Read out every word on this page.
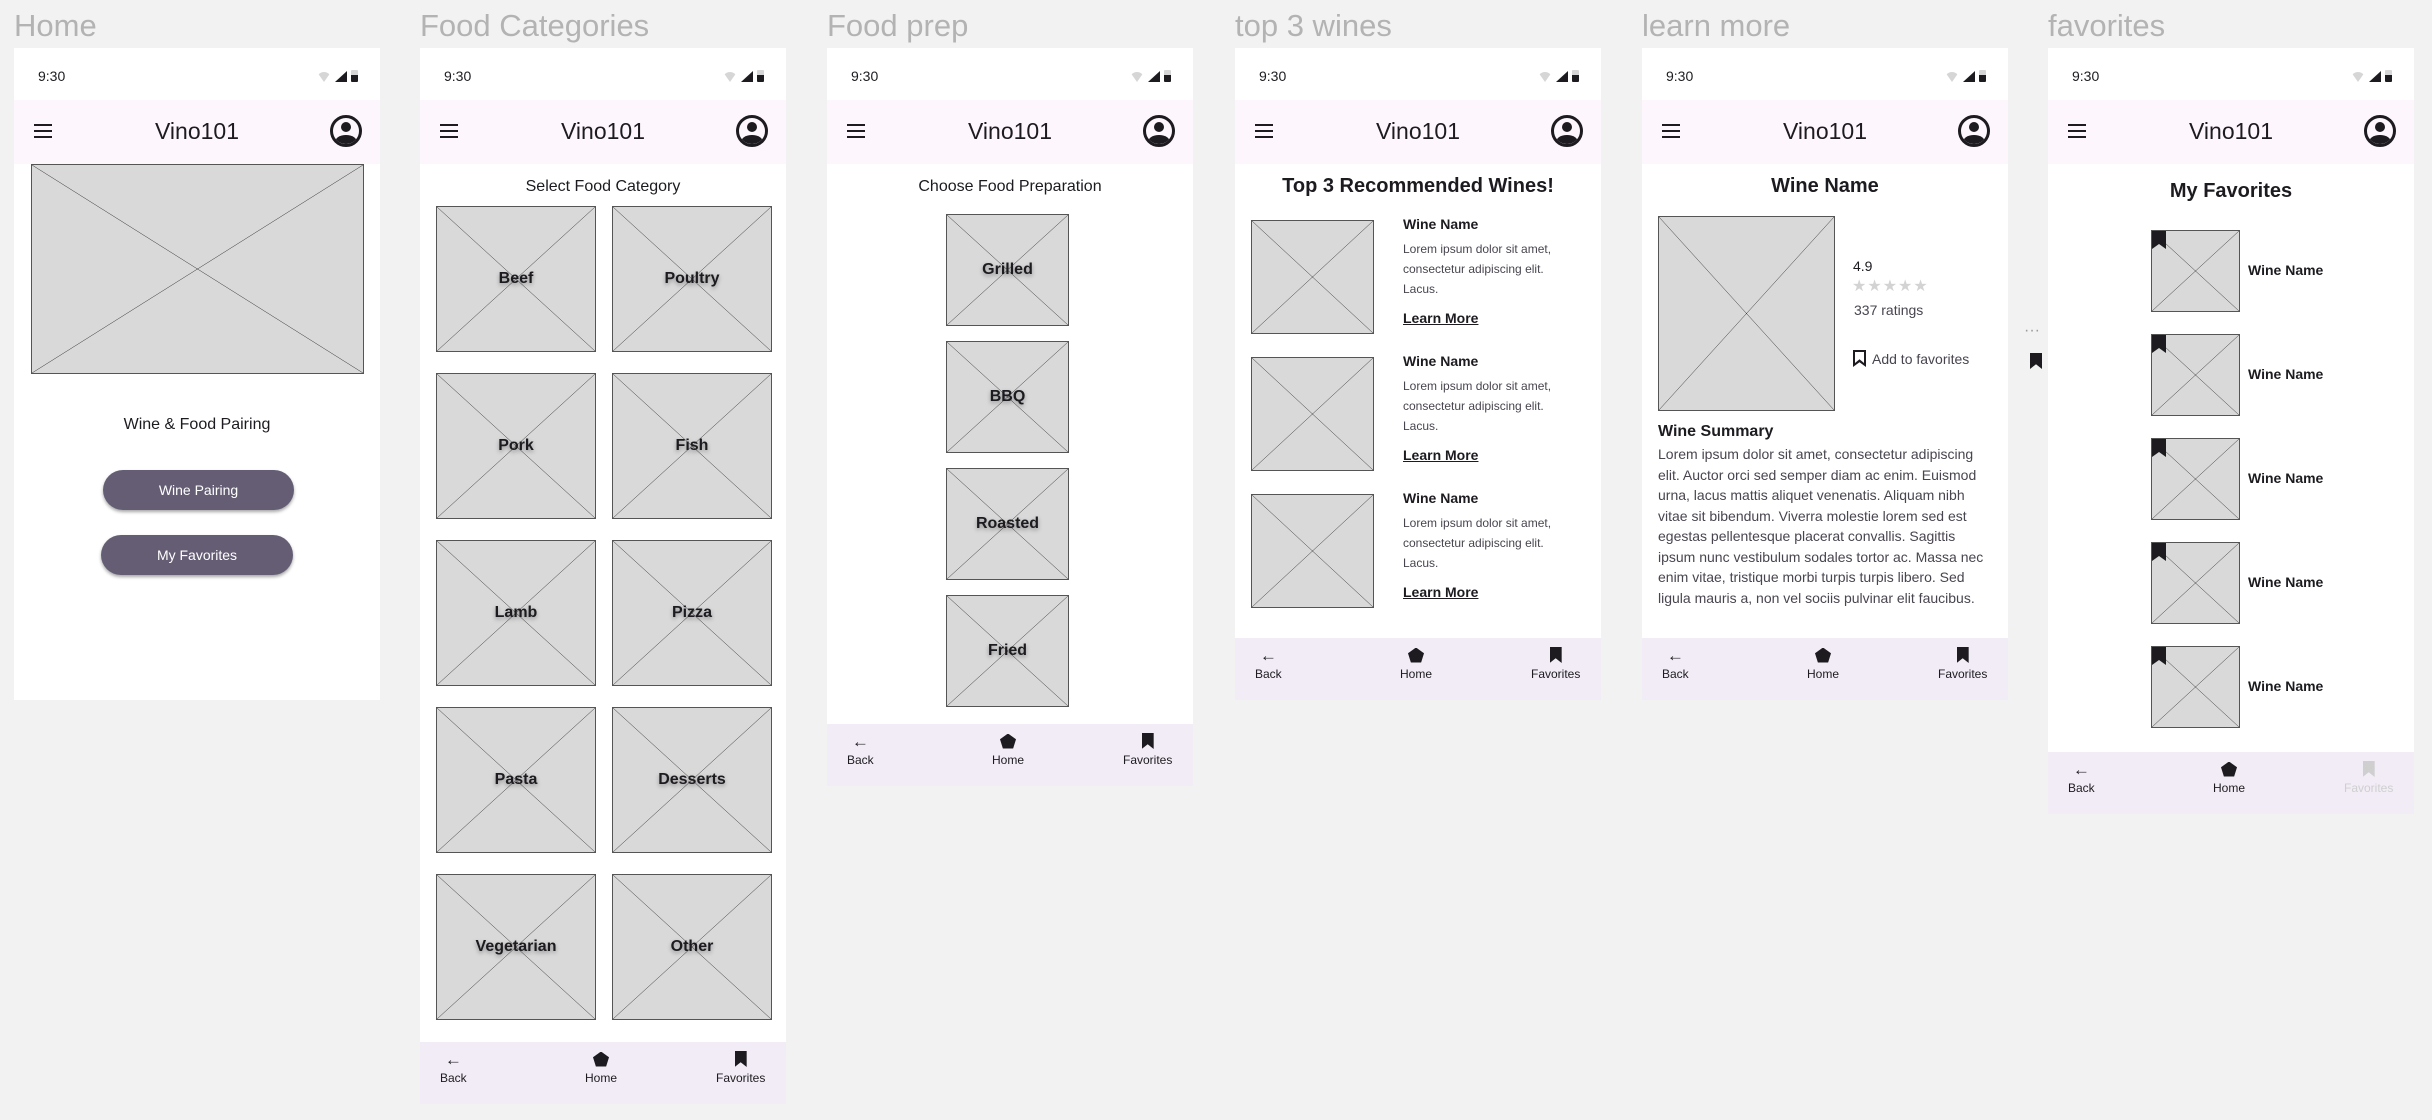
Home	Food Categories	Food prep	top 3 wines	learn more	favorites
···
9:30
Vino101
Wine & Food Pairing
Wine Pairing
My Favorites
9:30
Vino101
Select Food Category
Beef	Poultry
Pork	Fish
Lamb	Pizza
Pasta	Desserts
Vegetarian	Other
←
Back	Home	Favorites
9:30
Vino101
Choose Food Preparation
Grilled
BBQ
Roasted
Fried
←
Back	Home	Favorites
9:30
Vino101
Top 3 Recommended Wines!
Wine Name
Lorem ipsum dolor sit amet, consectetur adipiscing elit. Lacus.
Learn More
Wine Name
Lorem ipsum dolor sit amet, consectetur adipiscing elit. Lacus.
Learn More
Wine Name
Lorem ipsum dolor sit amet, consectetur adipiscing elit. Lacus.
Learn More
←
Back	Home	Favorites
9:30
Vino101
Wine Name
4.9
★★★★★
337 ratings
Add to favorites
Wine Summary
Lorem ipsum dolor sit amet, consectetur adipiscing elit. Auctor orci sed semper diam ac enim. Euismod urna, lacus mattis aliquet venenatis. Aliquam nibh vitae sit bibendum. Viverra molestie lorem sed est egestas pellentesque placerat convallis. Sagittis ipsum nunc vestibulum sodales tortor ac. Massa nec enim vitae, tristique morbi turpis turpis libero. Sed ligula mauris a, non vel sociis pulvinar elit faucibus.
←
Back	Home	Favorites
9:30
Vino101
My Favorites
Wine Name
Wine Name
Wine Name
Wine Name
Wine Name
←
Back	Home	Favorites
